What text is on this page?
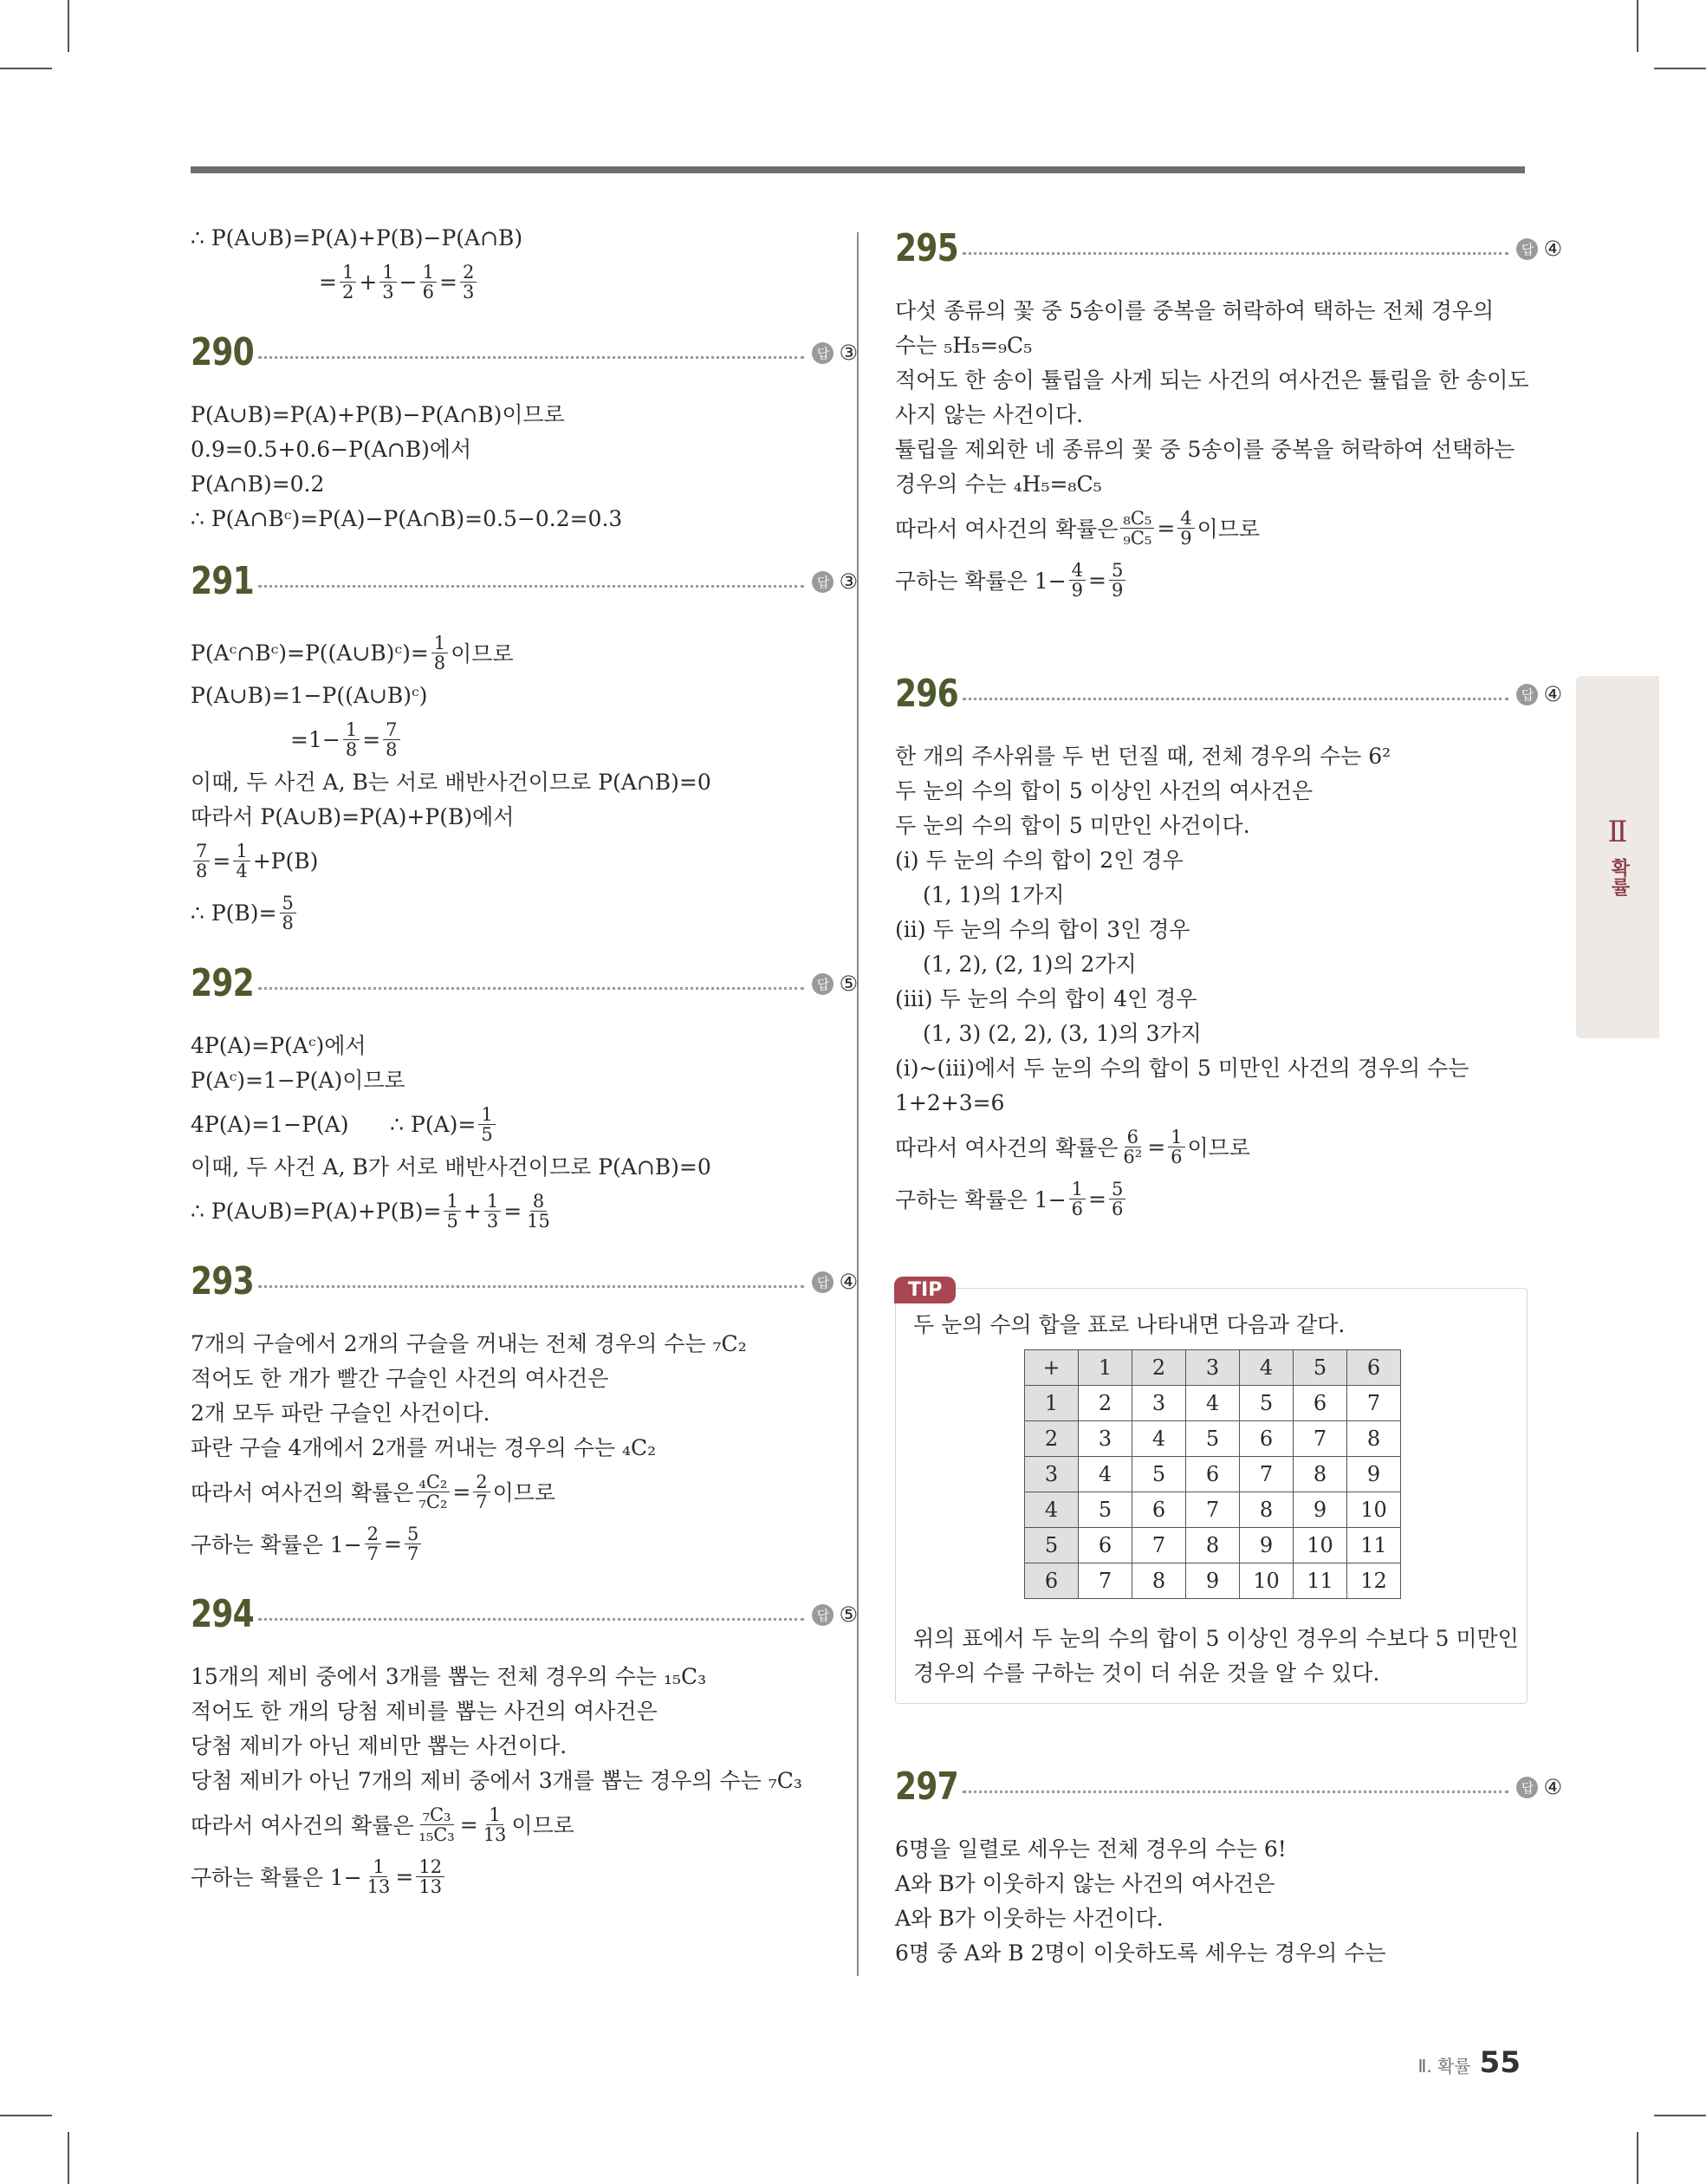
∴ P(A∪B)=P(A)+P(B)−P(A∩B)
= $\frac{1}{2} + \frac{1}{3} - \frac{1}{6} = \frac{2}{3}$
290	답 ③
P(A∪B)=P(A)+P(B)−P(A∩B)이므로
0.9=0.5+0.6−P(A∩B)에서
P(A∩B)=0.2
∴ P(A∩Bᶜ)=P(A)−P(A∩B)=0.5−0.2=0.3
291	답 ③
P(Aᶜ∩Bᶜ)=P((A∪B)ᶜ)= $\frac{1}{8}$ 이므로
P(A∪B)=1−P((A∪B)ᶜ)
$=1- \frac{1}{8} = \frac{7}{8}$
이때, 두 사건 A, B는 서로 배반사건이므로 P(A∩B)=0
따라서 P(A∪B)=P(A)+P(B)에서
$\frac{7}{8} = \frac{1}{4} +P(B)$
∴ $P(B)= \frac{5}{8}$
292	답 ⑤
4P(A)=P(Aᶜ)에서
P(Aᶜ)=1−P(A)이므로
4P(A)=1−P(A)      ∴ $P(A)= \frac{1}{5}$
이때, 두 사건 A, B가 서로 배반사건이므로 P(A∩B)=0
∴ P(A∪B)=P(A)+P(B)= $\frac{1}{5} + \frac{1}{3} = \frac{8}{15}$
293	답 ④
7개의 구슬에서 2개의 구슬을 꺼내는 전체 경우의 수는 ₇C₂
적어도 한 개가 빨간 구슬인 사건의 여사건은
2개 모두 파란 구슬인 사건이다.
파란 구슬 4개에서 2개를 꺼내는 경우의 수는 ₄C₂
따라서 여사건의 확률은 $\frac{\text{₄C₂}}{\text{₇C₂}} = \frac{2}{7}$ 이므로
구하는 확률은 $1- \frac{2}{7} = \frac{5}{7}$
294	답 ⑤
15개의 제비 중에서 3개를 뽑는 전체 경우의 수는 ₁₅C₃
적어도 한 개의 당첨 제비를 뽑는 사건의 여사건은
당첨 제비가 아닌 제비만 뽑는 사건이다.
당첨 제비가 아닌 7개의 제비 중에서 3개를 뽑는 경우의 수는 ₇C₃
따라서 여사건의 확률은 $\frac{\text{₇C₃}}{\text{₁₅C₃}} = \frac{1}{13}$ 이므로
구하는 확률은 $1- \frac{1}{13} = \frac{12}{13}$
295	답 ④
다섯 종류의 꽃 중 5송이를 중복을 허락하여 택하는 전체 경우의
수는 ₅H₅=₉C₅
적어도 한 송이 튤립을 사게 되는 사건의 여사건은 튤립을 한 송이도
사지 않는 사건이다.
튤립을 제외한 네 종류의 꽃 중 5송이를 중복을 허락하여 선택하는
경우의 수는 ₄H₅=₈C₅
따라서 여사건의 확률은 $\frac{\text{₈C₅}}{\text{₉C₅}} = \frac{4}{9}$ 이므로
구하는 확률은 $1- \frac{4}{9} = \frac{5}{9}$
296	답 ④
한 개의 주사위를 두 번 던질 때, 전체 경우의 수는 6²
두 눈의 수의 합이 5 이상인 사건의 여사건은
두 눈의 수의 합이 5 미만인 사건이다.
(ⅰ) 두 눈의 수의 합이 2인 경우
(1, 1)의 1가지
(ⅱ) 두 눈의 수의 합이 3인 경우
(1, 2), (2, 1)의 2가지
(ⅲ) 두 눈의 수의 합이 4인 경우
(1, 3) (2, 2), (3, 1)의 3가지
(ⅰ)~(ⅲ)에서 두 눈의 수의 합이 5 미만인 사건의 경우의 수는
1+2+3=6
따라서 여사건의 확률은 $\frac{6}{\text{6²}} = \frac{1}{6}$ 이므로
구하는 확률은 $1- \frac{1}{6} = \frac{5}{6}$
TIP
두 눈의 수의 합을 표로 나타내면 다음과 같다.
+	1	2	3	4	5	6
1	2	3	4	5	6	7
2	3	4	5	6	7	8
3	4	5	6	7	8	9
4	5	6	7	8	9	10
5	6	7	8	9	10	11
6	7	8	9	10	11	12
위의 표에서 두 눈의 수의 합이 5 이상인 경우의 수보다 5 미만인
경우의 수를 구하는 것이 더 쉬운 것을 알 수 있다.
297	답 ④
6명을 일렬로 세우는 전체 경우의 수는 6!
A와 B가 이웃하지 않는 사건의 여사건은
A와 B가 이웃하는 사건이다.
6명 중 A와 B 2명이 이웃하도록 세우는 경우의 수는
Ⅱ
확률
Ⅱ. 확률 55
